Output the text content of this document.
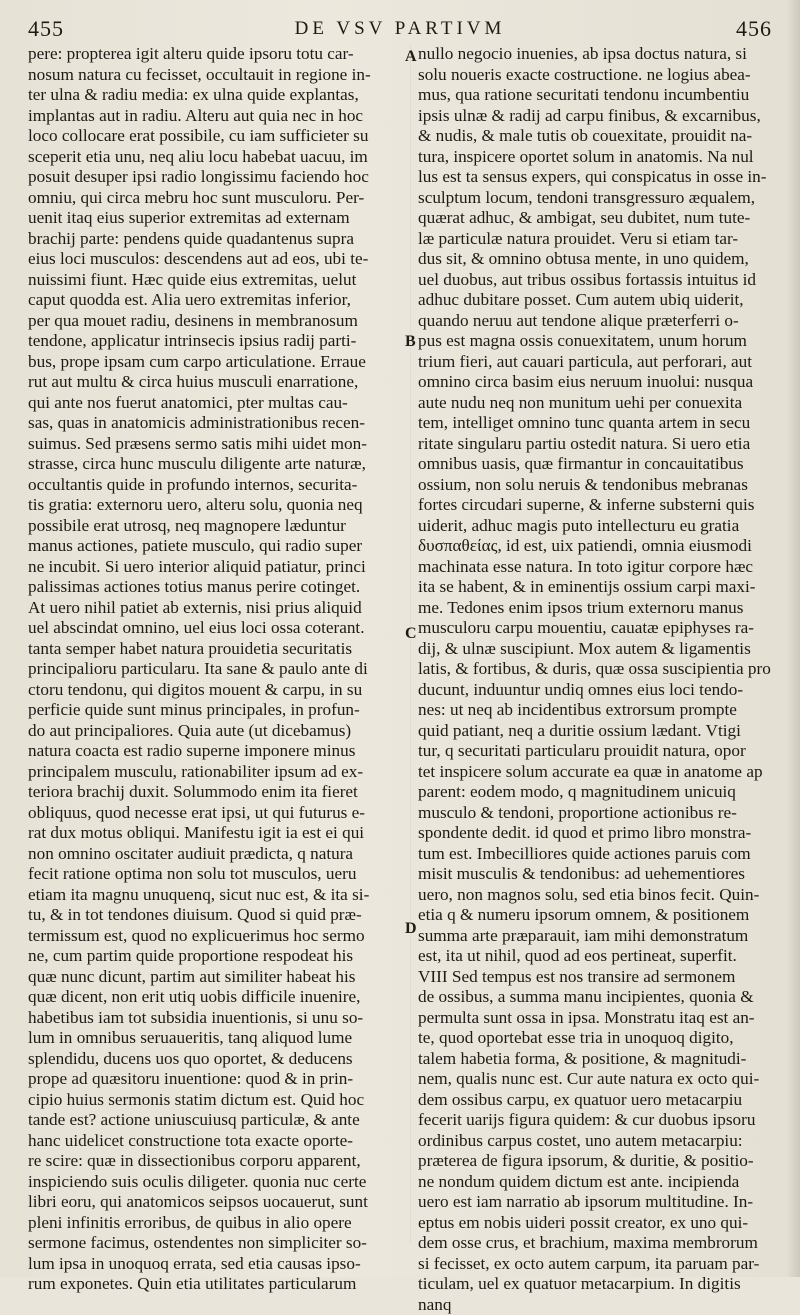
455	DE VSV PARTIVM	456
A
B
C
D
pere: propterea igit alteru quide ipsoru totu car-
nosum natura cu fecisset, occultauit in regione in-
ter ulna & radiu media: ex ulna quide explantas,
implantas aut in radiu. Alteru aut quia nec in hoc
loco collocare erat possibile, cu iam sufficieter su
sceperit etia unu, neq aliu locu habebat uacuu, im
posuit desuper ipsi radio longissimu faciendo hoc
omniu, qui circa mebru hoc sunt musculoru. Per-
uenit itaq eius superior extremitas ad externam
brachij parte: pendens quide quadantenus supra
eius loci musculos: descendens aut ad eos, ubi te-
nuissimi fiunt. Hæc quide eius extremitas, uelut
caput quodda est. Alia uero extremitas inferior,
per qua mouet radiu, desinens in membranosum
tendone, applicatur intrinsecis ipsius radij parti-
bus, prope ipsam cum carpo articulatione. Erraue
rut aut multu & circa huius musculi enarratione,
qui ante nos fuerut anatomici, pter multas cau-
sas, quas in anatomicis administrationibus recen-
suimus. Sed præsens sermo satis mihi uidet mon-
strasse, circa hunc musculu diligente arte naturæ,
occultantis quide in profundo internos, securita-
tis gratia: externoru uero, alteru solu, quonia neq
possibile erat utrosq, neq magnopere læduntur
manus actiones, patiete musculo, qui radio super
ne incubit. Si uero interior aliquid patiatur, princi
palissimas actiones totius manus perire cotinget.
At uero nihil patiet ab externis, nisi prius aliquid
uel abscindat omnino, uel eius loci ossa coterant.
tanta semper habet natura prouidetia securitatis
principalioru particularu. Ita sane & paulo ante di
ctoru tendonu, qui digitos mouent & carpu, in su
perficie quide sunt minus principales, in profun-
do aut principaliores. Quia aute (ut dicebamus)
natura coacta est radio superne imponere minus
principalem musculu, rationabiliter ipsum ad ex-
teriora brachij duxit. Solummodo enim ita fieret
obliquus, quod necesse erat ipsi, ut qui futurus e-
rat dux motus obliqui. Manifestu igit ia est ei qui
non omnino oscitater audiuit prædicta, q natura
fecit ratione optima non solu tot musculos, ueru
etiam ita magnu unuquenq, sicut nuc est, & ita si-
tu, & in tot tendones diuisum. Quod si quid præ-
termissum est, quod no explicuerimus hoc sermo
ne, cum partim quide proportione respodeat his
quæ nunc dicunt, partim aut similiter habeat his
quæ dicent, non erit utiq uobis difficile inuenire,
habetibus iam tot subsidia inuentionis, si unu so-
lum in omnibus seruaueritis, tanq aliquod lume
splendidu, ducens uos quo oportet, & deducens
prope ad quæsitoru inuentione: quod & in prin-
cipio huius sermonis statim dictum est. Quid hoc
tande est? actione uniuscuiusq particulæ, & ante
hanc uidelicet constructione tota exacte oporte-
re scire: quæ in dissectionibus corporu apparent,
inspiciendo suis oculis diligeter. quonia nuc certe
libri eoru, qui anatomicos seipsos uocauerut, sunt
pleni infinitis erroribus, de quibus in alio opere
sermone facimus, ostendentes non simpliciter so-
lum ipsa in unoquoq errata, sed etia causas ipso-
rum exponetes. Quin etia utilitates particularum
nullo negocio inuenies, ab ipsa doctus natura, si
solu noueris exacte costructione. ne logius abea-
mus, qua ratione securitati tendonu incumbentiu
ipsis ulnæ & radij ad carpu finibus, & excarnibus,
& nudis, & male tutis ob couexitate, prouidit na-
tura, inspicere oportet solum in anatomis. Na nul
lus est ta sensus expers, qui conspicatus in osse in-
sculptum locum, tendoni transgressuro æqualem,
quærat adhuc, & ambigat, seu dubitet, num tute-
læ particulæ natura prouidet. Veru si etiam tar-
dus sit, & omnino obtusa mente, in uno quidem,
uel duobus, aut tribus ossibus fortassis intuitus id
adhuc dubitare posset. Cum autem ubiq uiderit,
quando neruu aut tendone alique præterferri o-
pus est magna ossis conuexitatem, unum horum
trium fieri, aut cauari particula, aut perforari, aut
omnino circa basim eius neruum inuolui: nusqua
aute nudu neq non munitum uehi per conuexita
tem, intelliget omnino tunc quanta artem in secu
ritate singularu partiu ostedit natura. Si uero etia
omnibus uasis, quæ firmantur in concauitatibus
ossium, non solu neruis & tendonibus mebranas
fortes circudari superne, & inferne substerni quis
uiderit, adhuc magis puto intellecturu eu gratia
δυσπαθείας, id est, uix patiendi, omnia eiusmodi
machinata esse natura. In toto igitur corpore hæc
ita se habent, & in eminentijs ossium carpi maxi-
me. Tedones enim ipsos trium externoru manus
musculoru carpu mouentiu, cauatæ epiphyses ra-
dij, & ulnæ suscipiunt. Mox autem & ligamentis
latis, & fortibus, & duris, quæ ossa suscipientia pro
ducunt, induuntur undiq omnes eius loci tendo-
nes: ut neq ab incidentibus extrorsum prompte
quid patiant, neq a duritie ossium lædant. Vtigi
tur, q securitati particularu prouidit natura, opor
tet inspicere solum accurate ea quæ in anatome ap
parent: eodem modo, q magnitudinem unicuiq
musculo & tendoni, proportione actionibus re-
spondente dedit. id quod et primo libro monstra-
tum est. Imbecilliores quide actiones paruis com
misit musculis & tendonibus: ad uehementiores
uero, non magnos solu, sed etia binos fecit. Quin-
etia q & numeru ipsorum omnem, & positionem
summa arte præparauit, iam mihi demonstratum
est, ita ut nihil, quod ad eos pertineat, superfit.
VIII Sed tempus est nos transire ad sermonem
de ossibus, a summa manu incipientes, quonia &
permulta sunt ossa in ipsa. Monstratu itaq est an-
te, quod oportebat esse tria in unoquoq digito,
talem habetia forma, & positione, & magnitudi-
nem, qualis nunc est. Cur aute natura ex octo qui-
dem ossibus carpu, ex quatuor uero metacarpiu
fecerit uarijs figura quidem: & cur duobus ipsoru
ordinibus carpus costet, uno autem metacarpiu:
præterea de figura ipsorum, & duritie, & positio-
ne nondum quidem dictum est ante. incipienda
uero est iam narratio ab ipsorum multitudine. In-
eptus em nobis uideri possit creator, ex uno qui-
dem osse crus, et brachium, maxima membrorum
si fecisset, ex octo autem carpum, ita paruam par-
ticulam, uel ex quatuor metacarpium. In digitis
nanq
